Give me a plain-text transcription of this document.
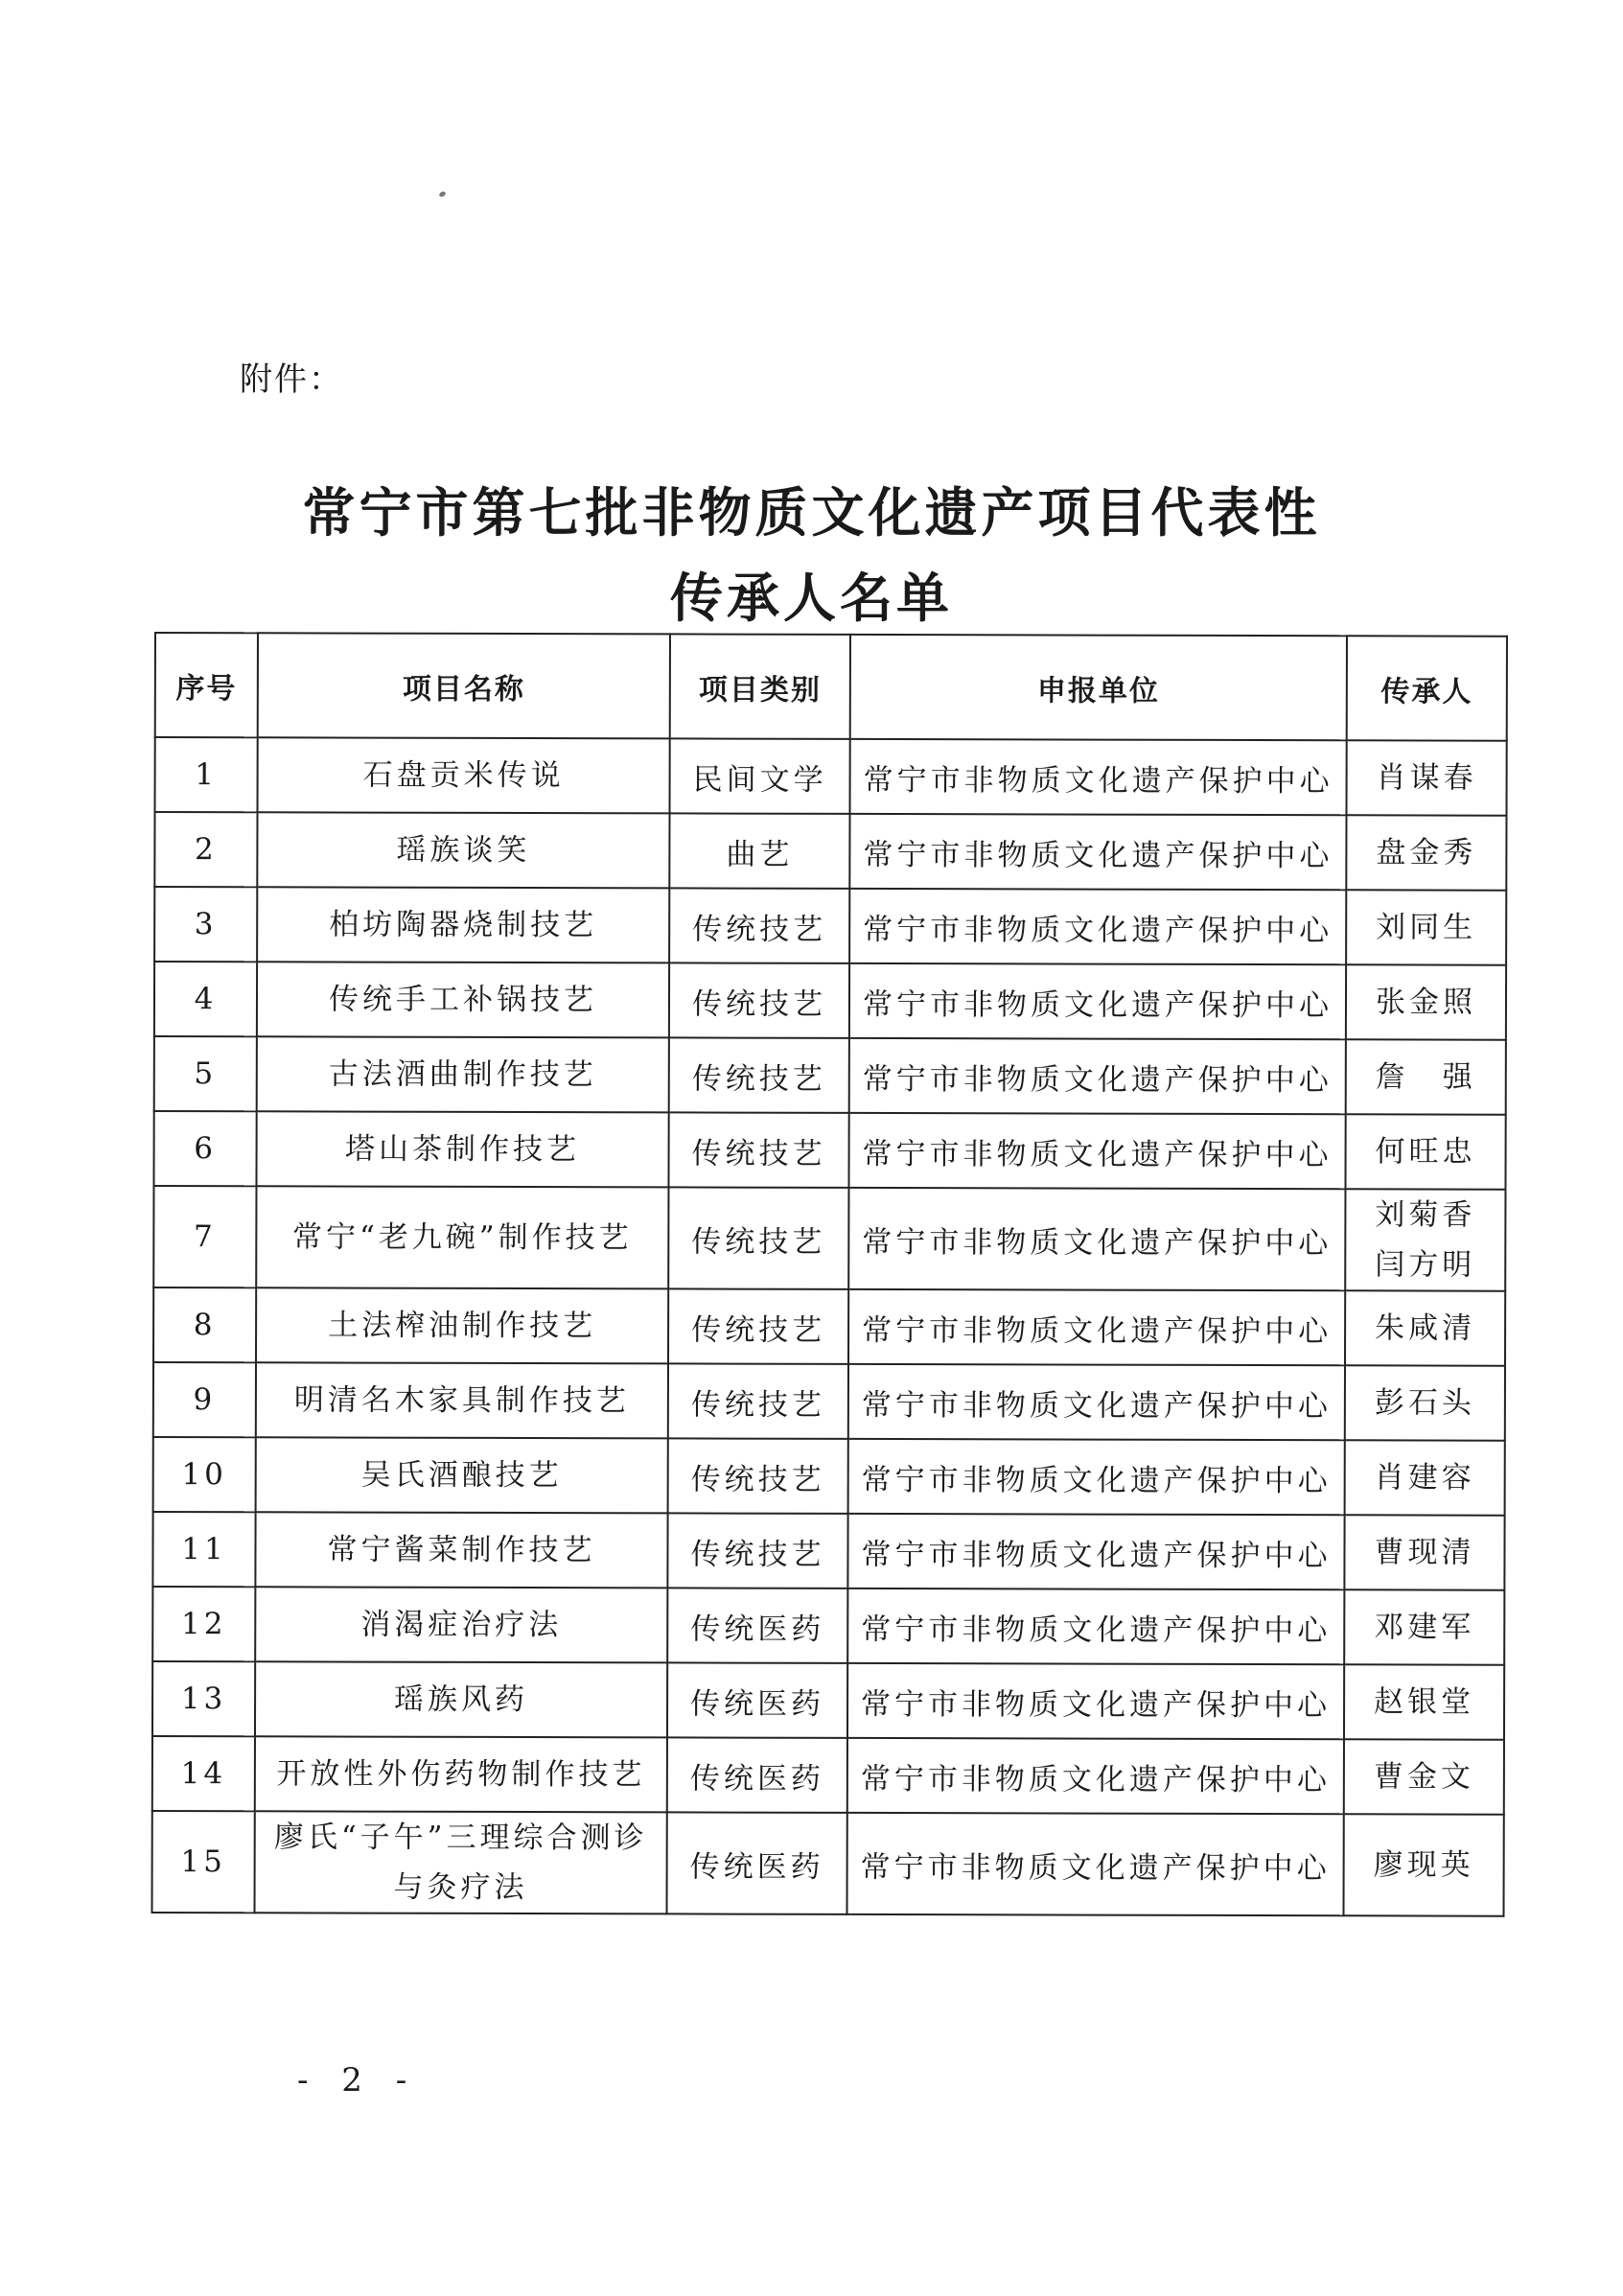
附件：
常宁市第七批非物质文化遗产项目代表性
传承人名单
序号	项目名称	项目类别	申报单位	传承人
1	石盘贡米传说	民间文学	常宁市非物质文化遗产保护中心	肖谋春

2	瑶族谈笑	曲艺	常宁市非物质文化遗产保护中心	盘金秀

3	柏坊陶器烧制技艺	传统技艺	常宁市非物质文化遗产保护中心	刘同生

4	传统手工补锅技艺	传统技艺	常宁市非物质文化遗产保护中心	张金照

5	古法酒曲制作技艺	传统技艺	常宁市非物质文化遗产保护中心	詹　强

6	塔山茶制作技艺	传统技艺	常宁市非物质文化遗产保护中心	何旺忠

7	常宁“老九碗”制作技艺	传统技艺	常宁市非物质文化遗产保护中心	刘菊香
闫方明

8	土法榨油制作技艺	传统技艺	常宁市非物质文化遗产保护中心	朱咸清

9	明清名木家具制作技艺	传统技艺	常宁市非物质文化遗产保护中心	彭石头

10	吴氏酒酿技艺	传统技艺	常宁市非物质文化遗产保护中心	肖建容

11	常宁酱菜制作技艺	传统技艺	常宁市非物质文化遗产保护中心	曹现清

12	消渴症治疗法	传统医药	常宁市非物质文化遗产保护中心	邓建军

13	瑶族风药	传统医药	常宁市非物质文化遗产保护中心	赵银堂

14	开放性外伤药物制作技艺	传统医药	常宁市非物质文化遗产保护中心	曹金文

15	廖氏“子午”三理综合测诊
与灸疗法	传统医药	常宁市非物质文化遗产保护中心	廖现英
- 2 -
